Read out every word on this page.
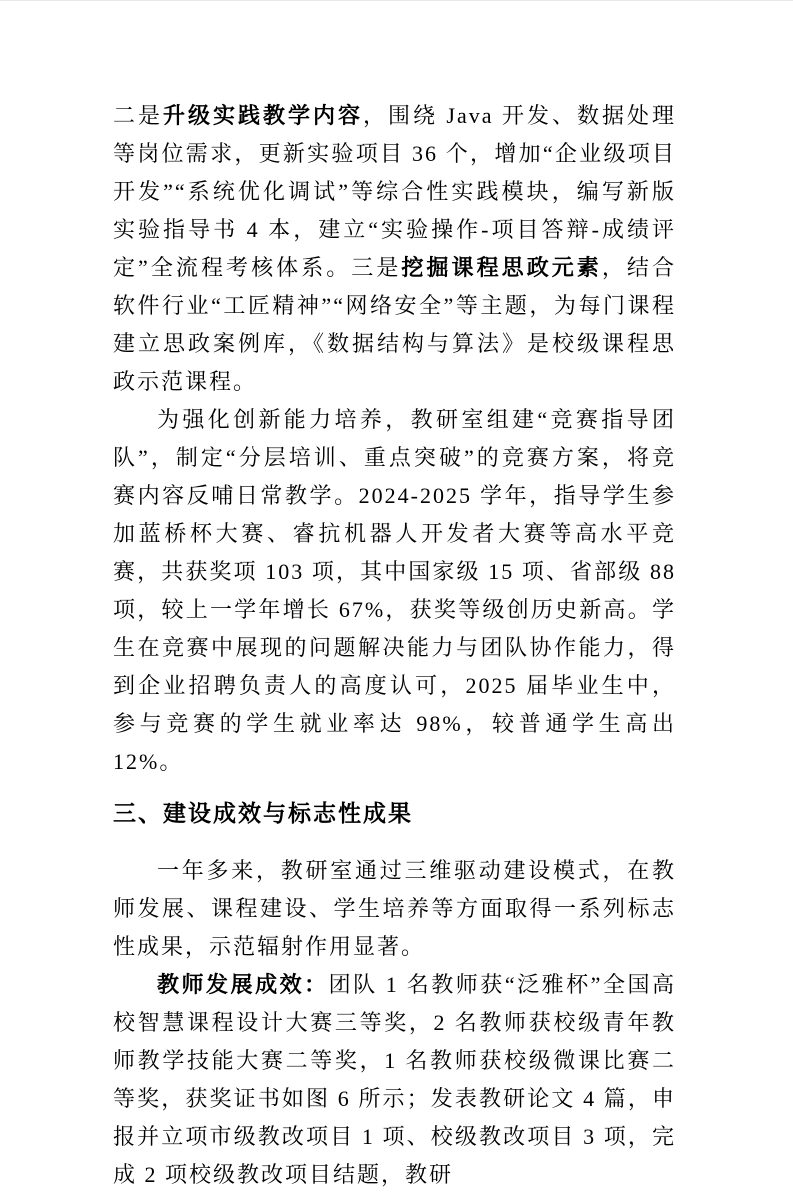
二是升级实践教学内容，围绕 Java 开发、数据处理等岗位需求，更新实验项目 36 个，增加“企业级项目开发”“系统优化调试”等综合性实践模块，编写新版实验指导书 4 本，建立“实验操作-项目答辩-成绩评定”全流程考核体系。三是挖掘课程思政元素，结合软件行业“工匠精神”“网络安全”等主题，为每门课程建立思政案例库，《数据结构与算法》是校级课程思政示范课程。

为强化创新能力培养，教研室组建“竞赛指导团队”，制定“分层培训、重点突破”的竞赛方案，将竞赛内容反哺日常教学。2024-2025 学年，指导学生参加蓝桥杯大赛、睿抗机器人开发者大赛等高水平竞赛，共获奖项 103 项，其中国家级 15 项、省部级 88 项，较上一学年增长 67%，获奖等级创历史新高。学生在竞赛中展现的问题解决能力与团队协作能力，得到企业招聘负责人的高度认可，2025 届毕业生中，参与竞赛的学生就业率达 98%，较普通学生高出 12%。

三、建设成效与标志性成果

一年多来，教研室通过三维驱动建设模式，在教师发展、课程建设、学生培养等方面取得一系列标志性成果，示范辐射作用显著。

教师发展成效：团队 1 名教师获“泛雅杯”全国高校智慧课程设计大赛三等奖，2 名教师获校级青年教师教学技能大赛二等奖，1 名教师获校级微课比赛二等奖，获奖证书如图 6 所示；发表教研论文 4 篇，申报并立项市级教改项目 1 项、校级教改项目 3 项，完成 2 项校级教改项目结题，教研
